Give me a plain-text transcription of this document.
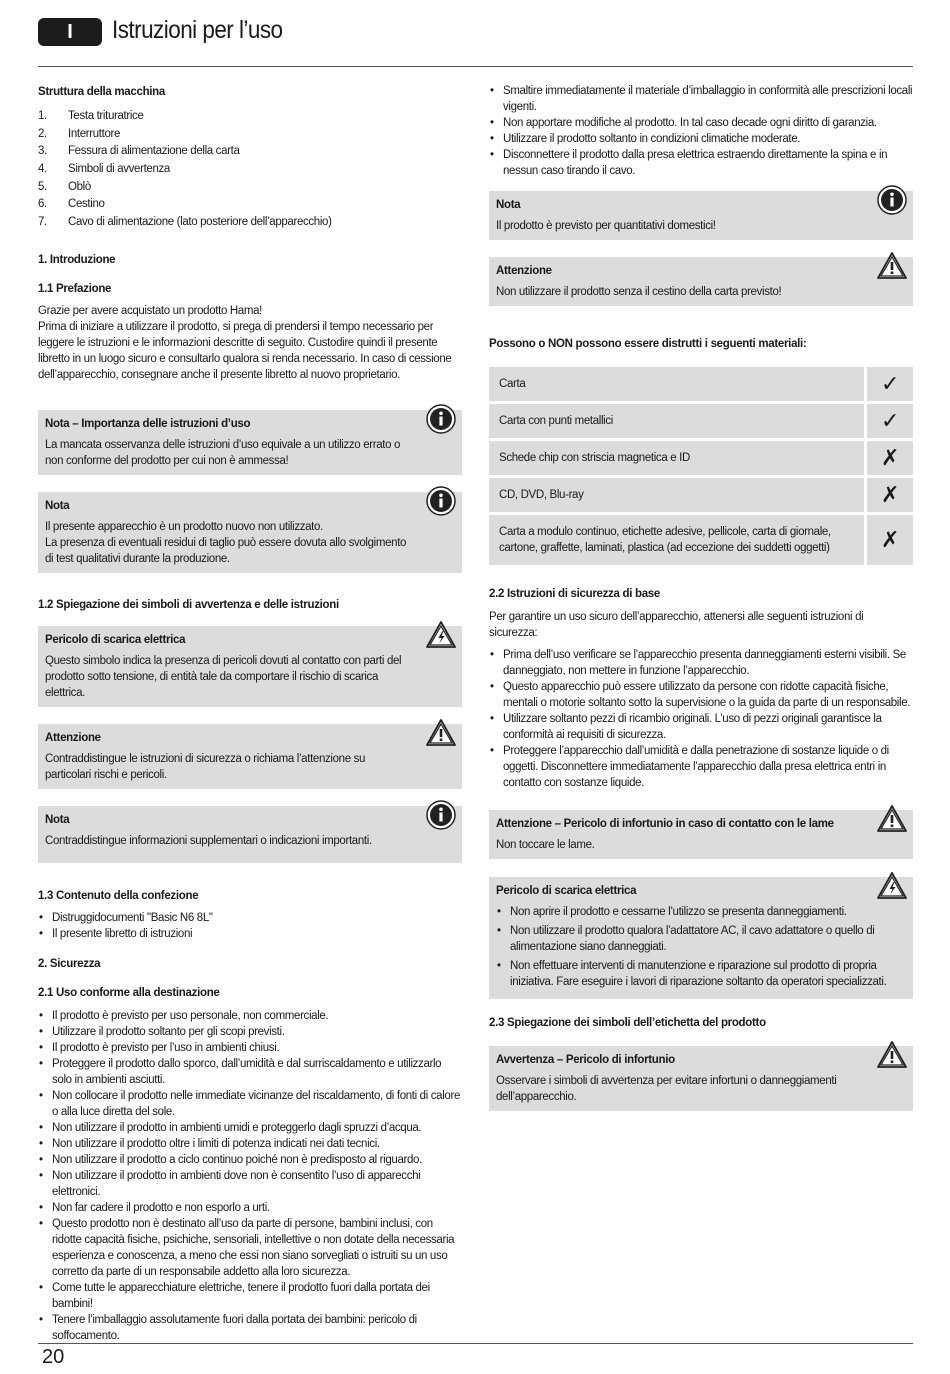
I	Istruzioni per l’uso
Struttura della macchina
1.	Testa trituratrice
2.	Interruttore
3.	Fessura di alimentazione della carta
4.	Simboli di avvertenza
5.	Oblò
6.	Cestino
7.	Cavo di alimentazione (lato posteriore dell’apparecchio)
1. Introduzione
1.1 Prefazione

Grazie per avere acquistato un prodotto Hama!

Prima di iniziare a utilizzare il prodotto, si prega di prendersi il tempo necessario per leggere le istruzioni e le informazioni descritte di seguito. Custodire quindi il presente libretto in un luogo sicuro e consultarlo qualora si renda necessario. In caso di cessione dell’apparecchio, consegnare anche il presente libretto al nuovo proprietario.

Nota – Importanza delle istruzioni d’uso
La mancata osservanza delle istruzioni d’uso equivale a un utilizzo errato o non conforme del prodotto per cui non è ammessa!
Nota
Il presente apparecchio è un prodotto nuovo non utilizzato.
La presenza di eventuali residui di taglio può essere dovuta allo svolgimento di test qualitativi durante la produzione.
1.2 Spiegazione dei simboli di avvertenza e delle istruzioni
Pericolo di scarica elettrica
Questo simbolo indica la presenza di pericoli dovuti al contatto con parti del prodotto sotto tensione, di entità tale da comportare il rischio di scarica elettrica.
Attenzione
Contraddistingue le istruzioni di sicurezza o richiama l’attenzione su particolari rischi e pericoli.
Nota
Contraddistingue informazioni supplementari o indicazioni importanti.
1.3 Contenuto della confezione
• Distruggidocumenti "Basic N6 8L"
• Il presente libretto di istruzioni
2. Sicurezza
2.1 Uso conforme alla destinazione
• Il prodotto è previsto per uso personale, non commerciale.
• Utilizzare il prodotto soltanto per gli scopi previsti.
• Il prodotto è previsto per l’uso in ambienti chiusi.
• Proteggere il prodotto dallo sporco, dall’umidità e dal surriscaldamento e utilizzarlo solo in ambienti asciutti.
• Non collocare il prodotto nelle immediate vicinanze del riscaldamento, di fonti di calore o alla luce diretta del sole.
• Non utilizzare il prodotto in ambienti umidi e proteggerlo dagli spruzzi d’acqua.
• Non utilizzare il prodotto oltre i limiti di potenza indicati nei dati tecnici.
• Non utilizzare il prodotto a ciclo continuo poiché non è predisposto al riguardo.
• Non utilizzare il prodotto in ambienti dove non è consentito l’uso di apparecchi elettronici.
• Non far cadere il prodotto e non esporlo a urti.
• Questo prodotto non è destinato all’uso da parte di persone, bambini inclusi, con ridotte capacità fisiche, psichiche, sensoriali, intellettive o non dotate della necessaria esperienza e conoscenza, a meno che essi non siano sorvegliati o istruiti su un uso corretto da parte di un responsabile addetto alla loro sicurezza.
• Come tutte le apparecchiature elettriche, tenere il prodotto fuori dalla portata dei bambini!
• Tenere l’imballaggio assolutamente fuori dalla portata dei bambini: pericolo di soffocamento.
• Smaltire immediatamente il materiale d’imballaggio in conformità alle prescrizioni locali vigenti.
• Non apportare modifiche al prodotto. In tal caso decade ogni diritto di garanzia.
• Utilizzare il prodotto soltanto in condizioni climatiche moderate.
• Disconnettere il prodotto dalla presa elettrica estraendo direttamente la spina e in nessun caso tirando il cavo.
Nota
Il prodotto è previsto per quantitativi domestici!
Attenzione
Non utilizzare il prodotto senza il cestino della carta previsto!
Possono o NON possono essere distrutti i seguenti materiali:
Carta	✓
Carta con punti metallici	✓
Schede chip con striscia magnetica e ID	✗
CD, DVD, Blu-ray	✗
Carta a modulo continuo, etichette adesive, pellicole, carta di giornale, cartone, graffette, laminati, plastica (ad eccezione dei suddetti oggetti)	✗
2.2 Istruzioni di sicurezza di base

Per garantire un uso sicuro dell’apparecchio, attenersi alle seguenti istruzioni di sicurezza:

• Prima dell’uso verificare se l’apparecchio presenta danneggiamenti esterni visibili. Se danneggiato, non mettere in funzione l’apparecchio.
• Questo apparecchio può essere utilizzato da persone con ridotte capacità fisiche, mentali o motorie soltanto sotto la supervisione o la guida da parte di un responsabile.
• Utilizzare soltanto pezzi di ricambio originali. L’uso di pezzi originali garantisce la conformità ai requisiti di sicurezza.
• Proteggere l’apparecchio dall’umidità e dalla penetrazione di sostanze liquide o di oggetti. Disconnettere immediatamente l’apparecchio dalla presa elettrica entri in contatto con sostanze liquide.
Attenzione – Pericolo di infortunio in caso di contatto con le lame
Non toccare le lame.
Pericolo di scarica elettrica
• Non aprire il prodotto e cessarne l’utilizzo se presenta danneggiamenti.
• Non utilizzare il prodotto qualora l’adattatore AC, il cavo adattatore o quello di alimentazione siano danneggiati.
• Non effettuare interventi di manutenzione e riparazione sul prodotto di propria iniziativa. Fare eseguire i lavori di riparazione soltanto da operatori specializzati.
2.3 Spiegazione dei simboli dell’etichetta del prodotto
Avvertenza – Pericolo di infortunio
Osservare i simboli di avvertenza per evitare infortuni o danneggiamenti dell’apparecchio.
20
